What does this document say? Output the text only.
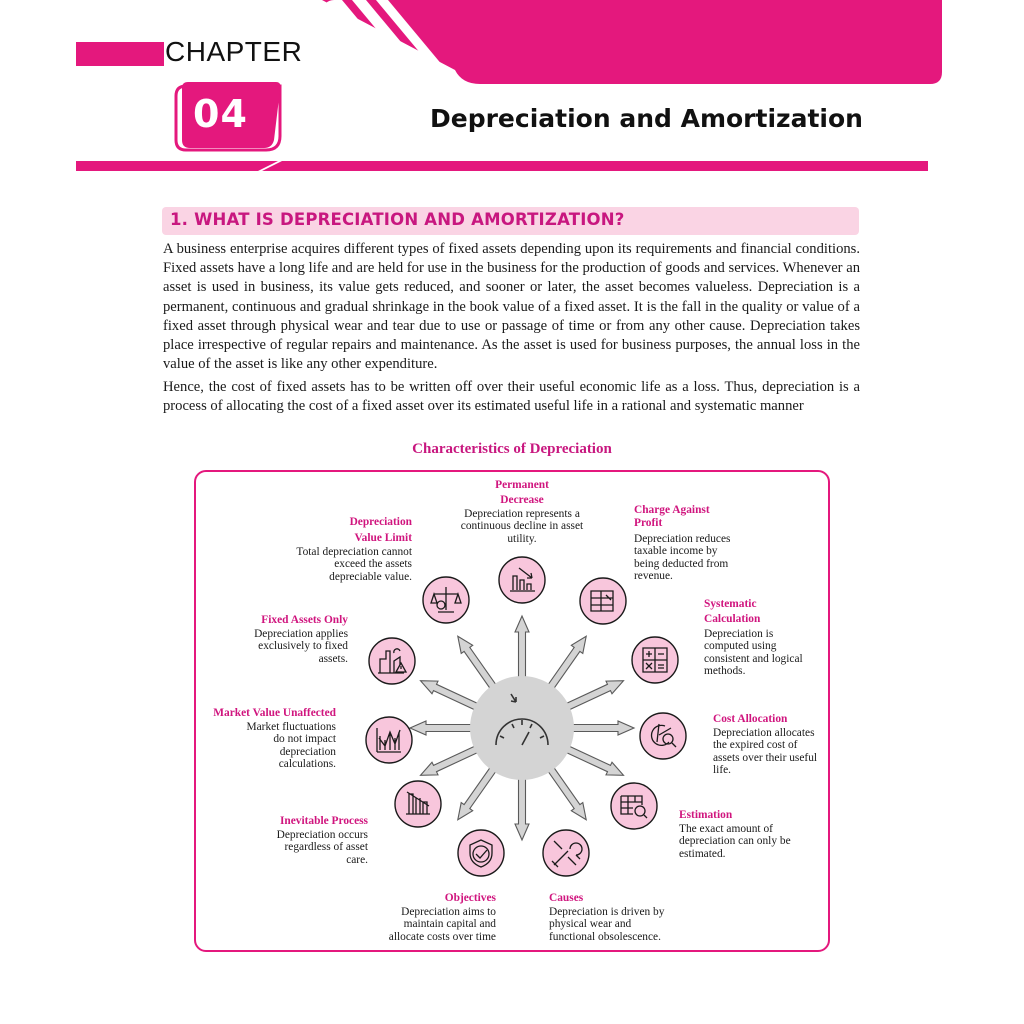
CHAPTER
04	Depreciation and Amortization
1. WHAT IS DEPRECIATION AND AMORTIZATION?

A business enterprise acquires different types of fixed assets depending upon its requirements and financial conditions. Fixed assets have a long life and are held for use in the business for the production of goods and services. Whenever an asset is used in business, its value gets reduced, and sooner or later, the asset becomes valueless. Depreciation is a permanent, continuous and gradual shrinkage in the book value of a fixed asset. It is the fall in the quality or value of a fixed asset through physical wear and tear due to use or passage of time or from any other cause. Depreciation takes place irrespective of regular repairs and maintenance. As the asset is used for business purposes, the annual loss in the value of the asset is like any other expenditure.

Hence, the cost of fixed assets has to be written off over their useful economic life as a loss. Thus, depreciation is a process of allocating the cost of a fixed asset over its estimated useful life in a rational and systematic manner

Characteristics of Depreciation
Permanent Decrease
Depreciation represents a continuous decline in asset utility.
Charge Against Profit
Depreciation reduces taxable income by being deducted from revenue.
Systematic Calculation
Depreciation is computed using consistent and logical methods.
Cost Allocation
Depreciation allocates the expired cost of assets over their useful life.
Estimation
The exact amount of depreciation can only be estimated.
Causes
Depreciation is driven by physical wear and functional obsolescence.
Objectives
Depreciation aims to maintain capital and allocate costs over time
Inevitable Process
Depreciation occurs regardless of asset care.
Market Value Unaffected
Market fluctuations do not impact depreciation calculations.
Fixed Assets Only
Depreciation applies exclusively to fixed assets.
Depreciation Value Limit
Total depreciation cannot exceed the assets depreciable value.
